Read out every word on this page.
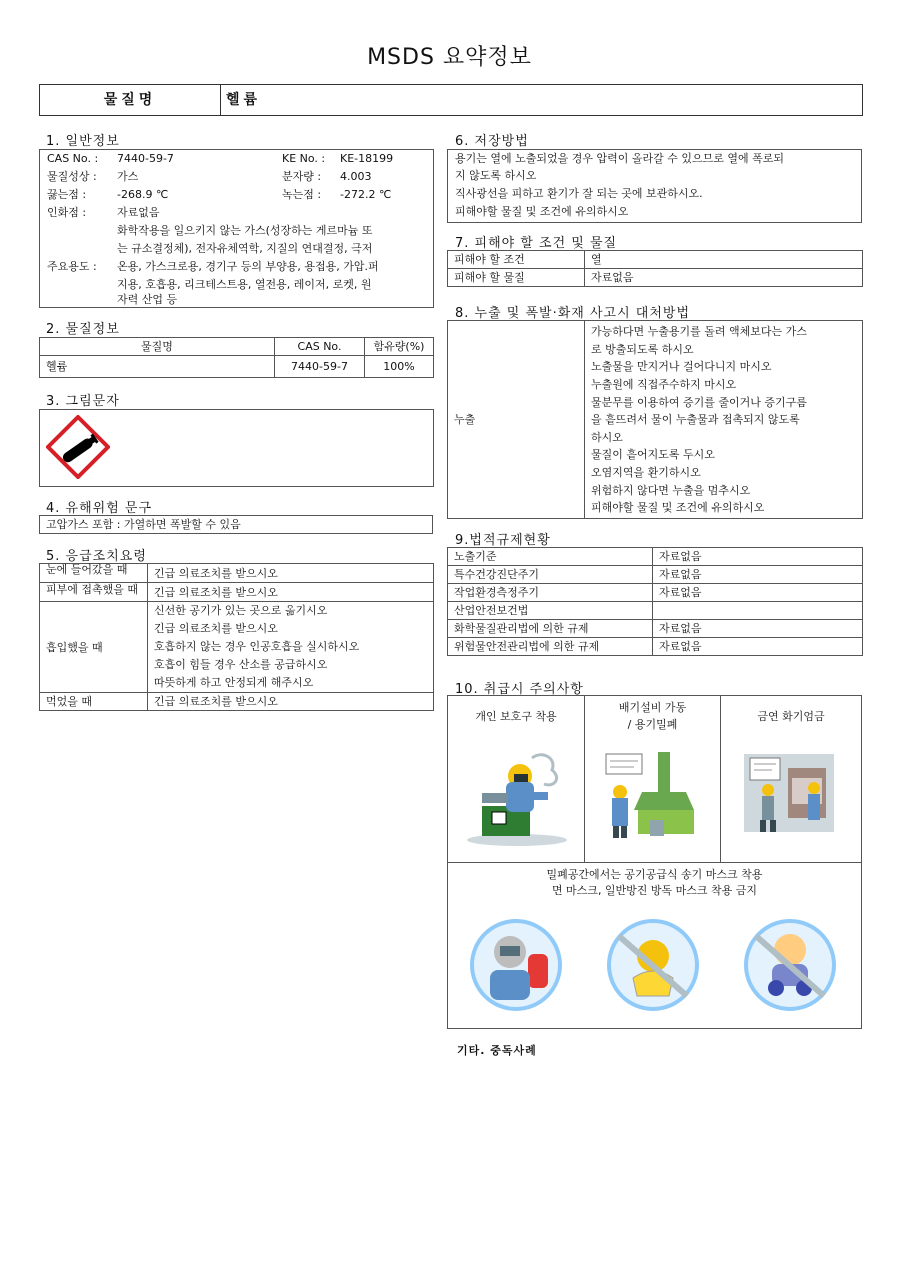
MSDS 요약정보
물질명	헬륨
1. 일반정보
CAS No. : 7440-59-7	KE No. : KE-18199
물질성상 : 가스	분자량 : 4.003
끓는점 :	-268.9 ℃	녹는점 : -272.2 ℃
인화점 :	자료없음
화학작용을 일으키지 않는 가스(성장하는 게르마늄 또
는 규소결정체), 전자유체역학, 지질의 연대결정, 극저
주요용도 : 온용, 가스크로용, 경기구 등의 부양용, 용접용, 가압.퍼
지용, 호흡용, 리크테스트용, 열전용, 레이저, 로켓, 원
자력 산업 등
2. 물질정보
물질명	CAS No.	함유량(%)
헬륨	7440-59-7	100%
3. 그림문자
4. 유해위험 문구
고압가스 포함 : 가열하면 폭발할 수 있음
5. 응급조치요령
눈에 들어갔을 때	긴급 의료조치를 받으시오
피부에 접촉했을 때	긴급 의료조치를 받으시오
흡입했을 때	신선한 공기가 있는 곳으로 옮기시오
긴급 의료조치를 받으시오
호흡하지 않는 경우 인공호흡을 실시하시오
호흡이 힘들 경우 산소를 공급하시오
따뜻하게 하고 안정되게 해주시오

먹었을 때	긴급 의료조치를 받으시오
6. 저장방법
용기는 열에 노출되었을 경우 압력이 올라갈 수 있으므로 열에 폭로되
지 않도록 하시오
직사광선을 피하고 환기가 잘 되는 곳에 보관하시오.
피해야할 물질 및 조건에 유의하시오
7. 피해야 할 조건 및 물질
피해야 할 조건	열
피해야 할 물질	자료없음
8. 누출 및 폭발·화재 사고시 대처방법
누출	
가능하다면 누출용기를 돌려 액체보다는 가스
로 방출되도록 하시오
노출물을 만지거나 걸어다니지 마시오
누출원에 직접주수하지 마시오
물분무를 이용하여 증기를 줄이거나 증기구름
을 흩뜨려서 물이 누출물과 접촉되지 않도록
하시오
물질이 흩어지도록 두시오
오염지역을 환기하시오
위험하지 않다면 누출을 멈추시오
피해야할 물질 및 조건에 유의하시오
9.법적규제현황
노출기준	자료없음
특수건강진단주기	자료없음
작업환경측정주기	자료없음
산업안전보건법	
화학물질관리법에 의한 규제	자료없음
위험물안전관리법에 의한 규제	자료없음
10. 취급시 주의사항
개인 보호구 착용
배기설비 가동
/ 용기밀폐
금연 화기엄금
밀폐공간에서는 공기공급식 송기 마스크 착용
면 마스크, 일반방진 방독 마스크 착용 금지
기타. 중독사례
